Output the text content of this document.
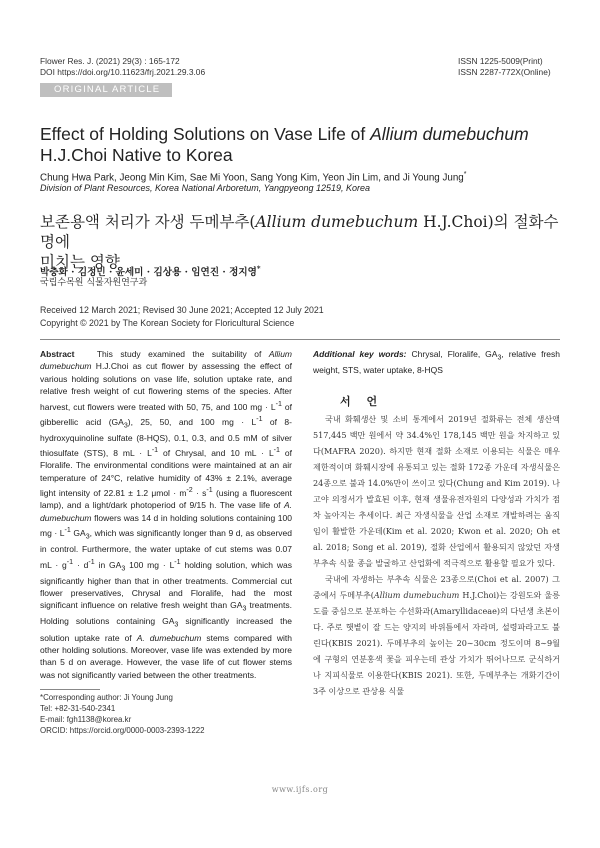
Flower Res. J. (2021) 29(3) : 165-172
DOI https://doi.org/10.11623/frj.2021.29.3.06
ISSN 1225-5009(Print)
ISSN 2287-772X(Online)
ORIGINAL ARTICLE
Effect of Holding Solutions on Vase Life of Allium dumebuchum
H.J.Choi Native to Korea
Chung Hwa Park, Jeong Min Kim, Sae Mi Yoon, Sang Yong Kim, Yeon Jin Lim, and Ji Young Jung*
Division of Plant Resources, Korea National Arboretum, Yangpyeong 12519, Korea
보존용액 처리가 자생 두메부추(Allium dumebuchum H.J.Choi)의 절화수명에
미치는 영향
박충화 · 김정민 · 윤세미 · 김상용 · 임연진 · 정지영*
국립수목원 식물자원연구과
Received 12 March 2021; Revised 30 June 2021; Accepted 12 July 2021
Copyright © 2021 by The Korean Society for Floricultural Science
Abstract	This study examined the suitability of Allium dumebuchum H.J.Choi as cut flower by assessing the effect of various holding solutions on vase life, solution uptake rate, and relative fresh weight of cut flowering stems of the species. After harvest, cut flowers were treated with 50, 75, and 100 mg · $L^{-1}$ of gibberellic acid $(GA_3)$, 25, 50, and 100 mg · $L^{-1}$ of 8-hydroxyquinoline sulfate (8-HQS), 0.1, 0.3, and 0.5 mM of silver thiosulfate (STS), 8 mL · $L^{-1}$ of Chrysal, and 10 mL · $L^{-1}$ of Floralife. The environmental conditions were maintained at an air temperature of 24°C, relative humidity of 43% ± 2.1%, average light intensity of 22.81 ± 1.2 $\mu mol \cdot m^{-2} \cdot s^{-1}$ (using a fluorescent lamp), and a light/dark photoperiod of 9/15 h. The vase life of A. dumebuchum flowers was 14 d in holding solutions containing 100 mg · $L^{-1}$ $GA_3$, which was significantly longer than 9 d, as observed in control. Furthermore, the water uptake of cut stems was 0.07 mL · $g^{-1} \cdot d^{-1}$ in $GA_3$ 100 mg · $L^{-1}$ holding solution, which was significantly higher than that in other treatments. Commercial cut flower preservatives, Chrysal and Floralife, had the most significant influence on relative fresh weight than $GA_3$ treatments. Holding solutions containing $GA_3$ significantly increased the solution uptake rate of A. dumebuchum stems compared with other holding solutions. Moreover, vase life was extended by more than 5 d on average. However, the vase life of cut flower stems was not significantly varied between the other treatments.
Additional key words: Chrysal, Floralife, $GA_3$, relative fresh weight, STS, water uptake, 8-HQS
서 언

국내 화훼생산 및 소비 통계에서 2019년 절화류는 전체 생산액 517,445 백만 원에서 약 34.4%인 178,145 백만 원을 차지하고 있다(MAFRA 2020). 하지만 현재 절화 소재로 이용되는 식물은 매우 제한적이며 화훼시장에 유통되고 있는 절화 172종 가운데 자생식물은 24종으로 불과 14.0%만이 쓰이고 있다(Chung and Kim 2019). 나고야 의정서가 발효된 이후, 현재 생물유전자원의 다양성과 가치가 점차 높아지는 추세이다. 최근 자생식물을 산업 소재로 개발하려는 움직임이 활발한 가운데(Kim et al. 2020; Kwon et al. 2020; Oh et al. 2018; Song et al. 2019), 절화 산업에서 활용되지 않았던 자생 부추속 식물 종을 발굴하고 산업화에 적극적으로 활용할 필요가 있다.

국내에 자생하는 부추속 식물은 23종으로(Choi et al. 2007) 그 중에서 두메부추(Allium dumebuchum H.J.Choi)는 강원도와 울릉도를 중심으로 분포하는 수선화과(Amaryllidaceae)의 다년생 초본이다. 주로 햇볕이 잘 드는 양지의 바위틈에서 자라며, 설령파라고도 불린다(KBIS 2021). 두메부추의 높이는 20∼30cm 정도이며 8∼9월에 구형의 연분홍색 꽃을 피우는데 관상 가치가 뛰어나므로 군식하거나 지피식물로 이용한다(KBIS 2021). 또한, 두메부추는 개화기간이 3주 이상으로 관상용 식물

*Corresponding author: Ji Young Jung
Tel: +82-31-540-2341
E-mail: fgh1138@korea.kr
ORCID: https://orcid.org/0000-0003-2393-1222
www.ijfs.org
